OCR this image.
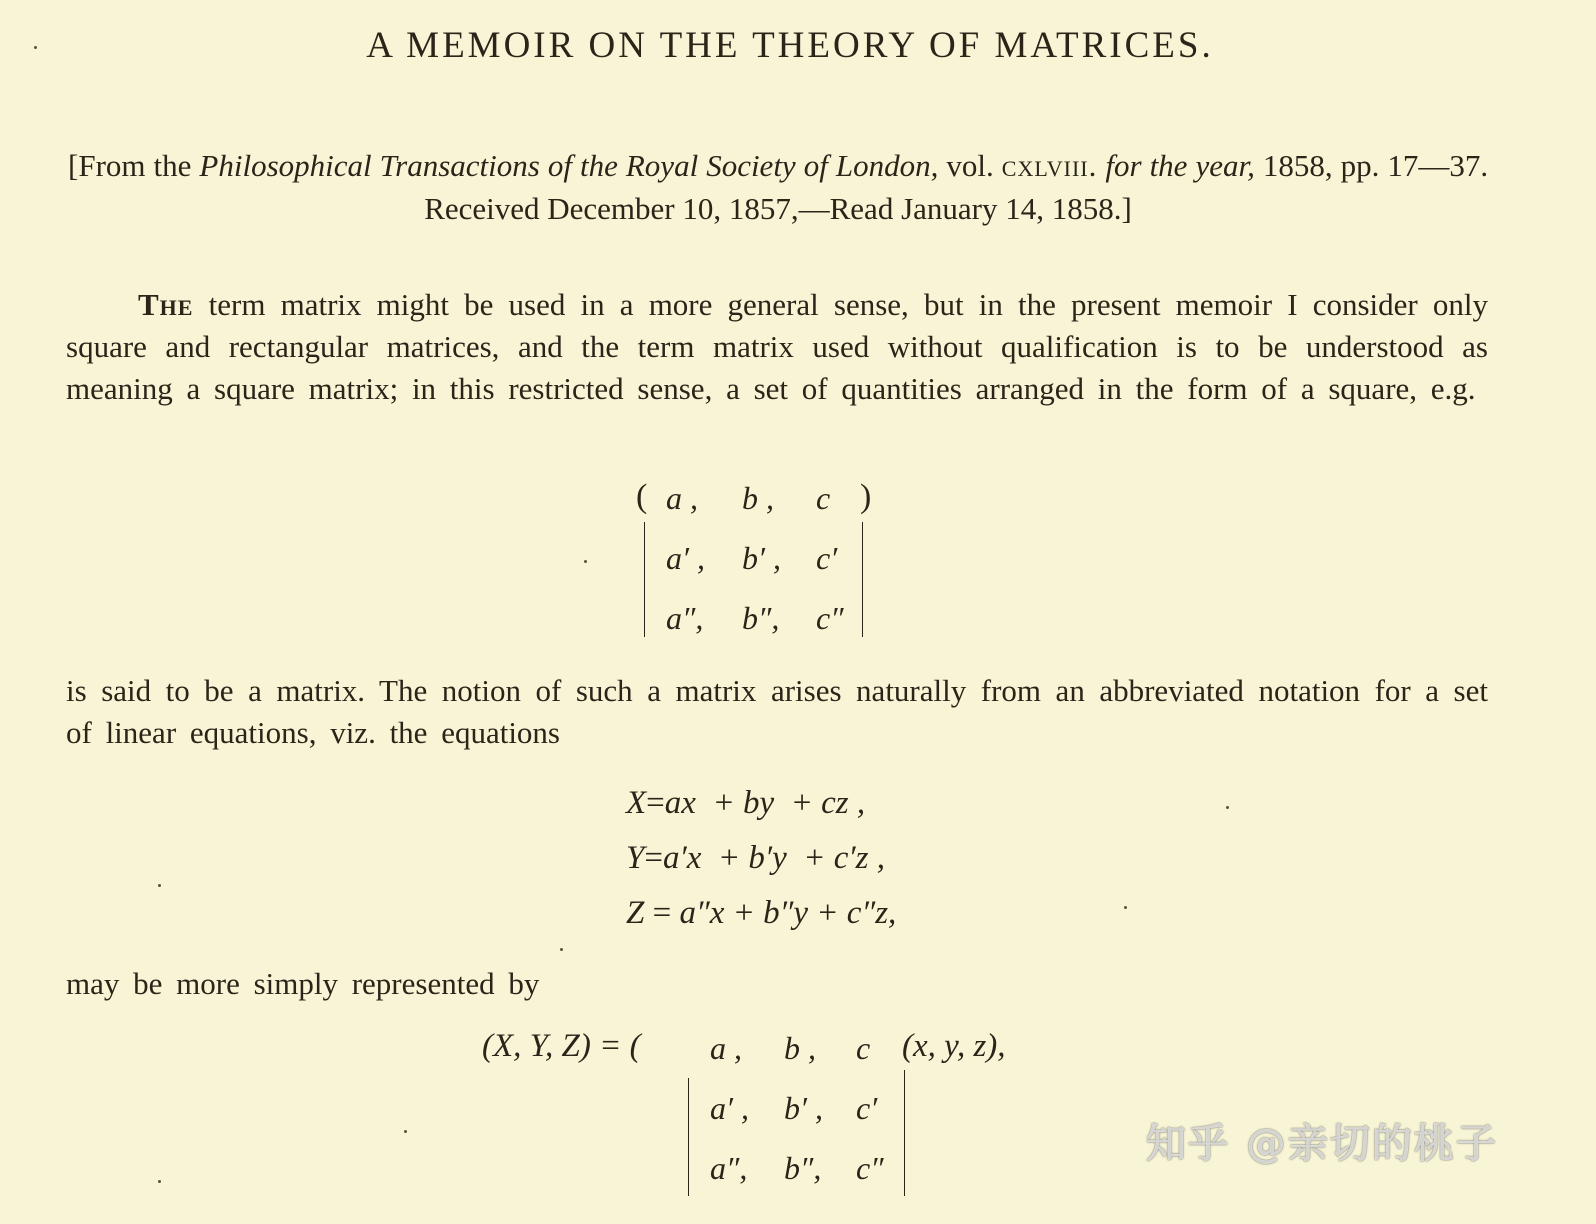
A MEMOIR ON THE THEORY OF MATRICES.
[From the Philosophical Transactions of the Royal Society of London, vol. cxlviii. for the year, 1858, pp. 17—37. Received December 10, 1857,—Read January 14, 1858.]
The term matrix might be used in a more general sense, but in the present memoir I consider only square and rectangular matrices, and the term matrix used without qualification is to be understood as meaning a square matrix; in this restricted sense, a set of quantities arranged in the form of a square, e.g.
(	)
a , b , c
a′ , b′ , c′
a″, b″, c″
is said to be a matrix. The notion of such a matrix arises naturally from an abbreviated notation for a set of linear equations, viz. the equations
X=ax  + by  + cz ,
Y=a′x  + b′y  + c′z ,
Z = a″x + b″y + c″z,
may be more simply represented by
(X, Y, Z) = ( a , b , c
a′ , b′ , c′
a″, b″, c″
(x, y, z),
知乎 @亲切的桃子
